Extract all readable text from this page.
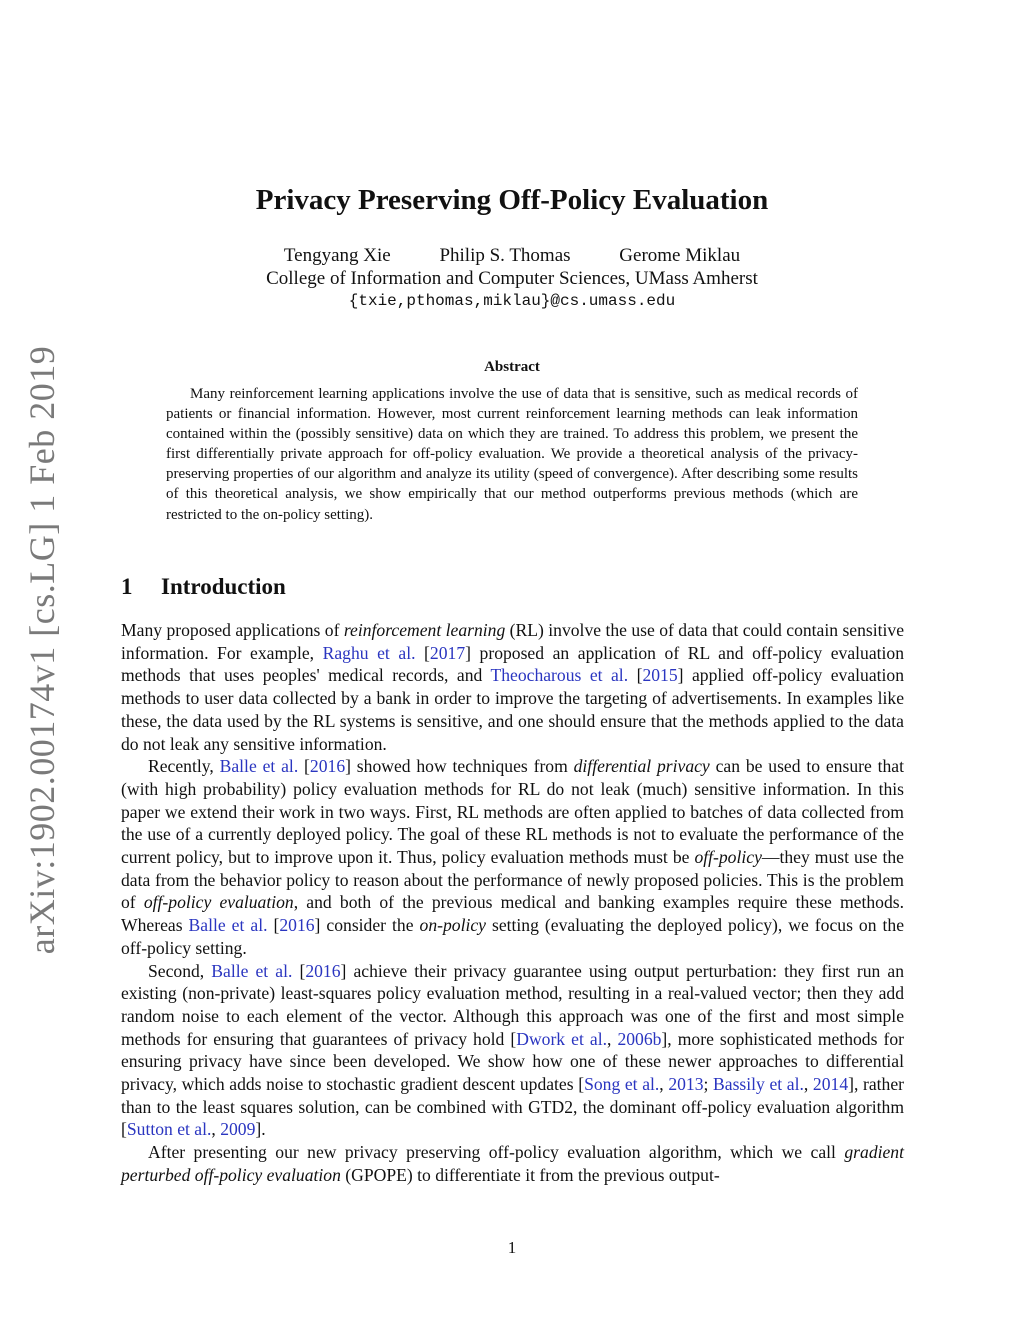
arXiv:1902.00174v1 [cs.LG] 1 Feb 2019
Privacy Preserving Off-Policy Evaluation
Tengyang Xie	Philip S. Thomas	Gerome Miklau
College of Information and Computer Sciences, UMass Amherst
{txie,pthomas,miklau}@cs.umass.edu
Abstract

Many reinforcement learning applications involve the use of data that is sensitive, such as medical records of patients or financial information. However, most current reinforcement learning methods can leak information contained within the (possibly sensitive) data on which they are trained. To address this problem, we present the first differentially private approach for off-policy evaluation. We provide a theoretical analysis of the privacy-preserving properties of our algorithm and analyze its utility (speed of convergence). After describing some results of this theoretical analysis, we show empirically that our method outperforms previous methods (which are restricted to the on-policy setting).

1 Introduction

Many proposed applications of reinforcement learning (RL) involve the use of data that could contain sensitive information. For example, Raghu et al. [2017] proposed an application of RL and off-policy evaluation methods that uses peoples' medical records, and Theocharous et al. [2015] applied off-policy evaluation methods to user data collected by a bank in order to improve the targeting of advertisements. In examples like these, the data used by the RL systems is sensitive, and one should ensure that the methods applied to the data do not leak any sensitive information.

Recently, Balle et al. [2016] showed how techniques from differential privacy can be used to ensure that (with high probability) policy evaluation methods for RL do not leak (much) sensitive information. In this paper we extend their work in two ways. First, RL methods are often applied to batches of data collected from the use of a currently deployed policy. The goal of these RL methods is not to evaluate the performance of the current policy, but to improve upon it. Thus, policy evaluation methods must be off-policy—they must use the data from the behavior policy to reason about the performance of newly proposed policies. This is the problem of off-policy evaluation, and both of the previous medical and banking examples require these methods. Whereas Balle et al. [2016] consider the on-policy setting (evaluating the deployed policy), we focus on the off-policy setting.

Second, Balle et al. [2016] achieve their privacy guarantee using output perturbation: they first run an existing (non-private) least-squares policy evaluation method, resulting in a real-valued vector; then they add random noise to each element of the vector. Although this approach was one of the first and most simple methods for ensuring that guarantees of privacy hold [Dwork et al., 2006b], more sophisticated methods for ensuring privacy have since been developed. We show how one of these newer approaches to differential privacy, which adds noise to stochastic gradient descent updates [Song et al., 2013; Bassily et al., 2014], rather than to the least squares solution, can be combined with GTD2, the dominant off-policy evaluation algorithm [Sutton et al., 2009].

After presenting our new privacy preserving off-policy evaluation algorithm, which we call gradient perturbed off-policy evaluation (GPOPE) to differentiate it from the previous output-

1
